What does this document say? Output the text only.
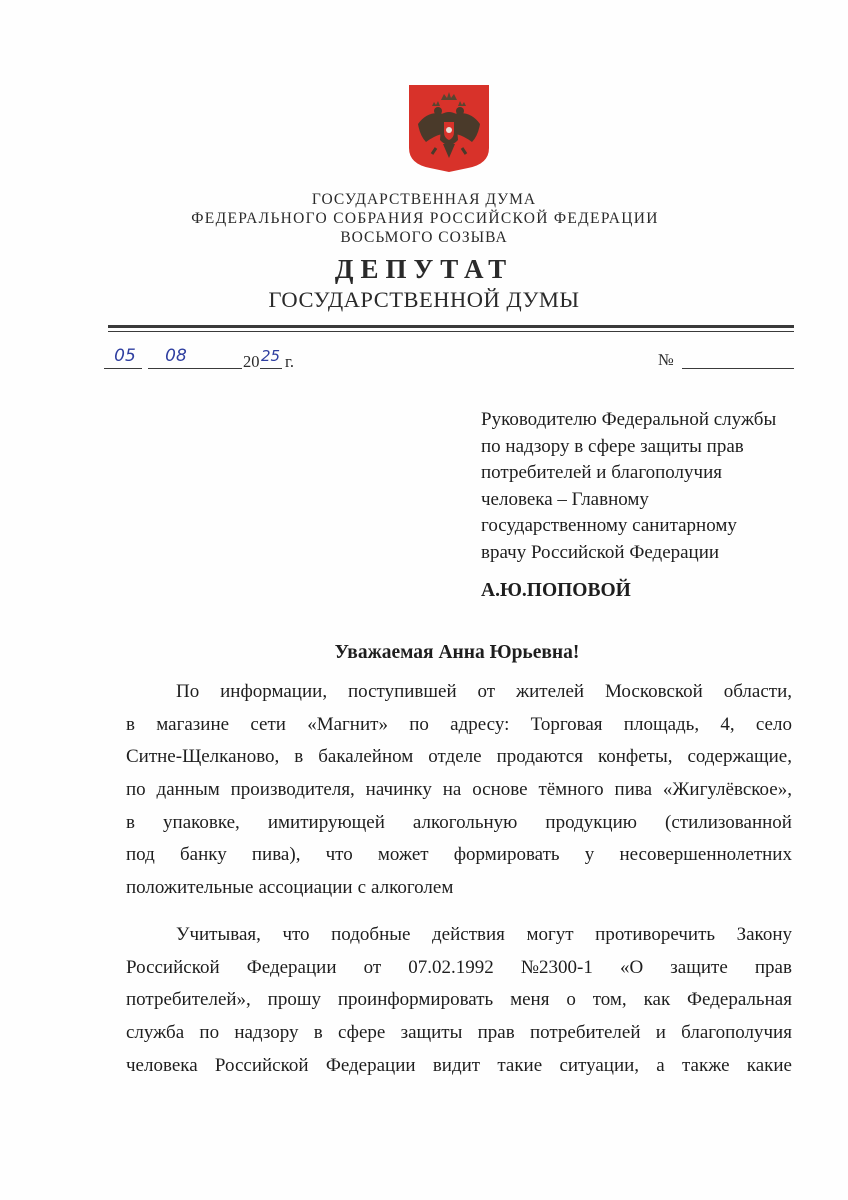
ГОСУДАРСТВЕННАЯ ДУМА
ФЕДЕРАЛЬНОГО СОБРАНИЯ РОССИЙСКОЙ ФЕДЕРАЦИИ
ВОСЬМОГО СОЗЫВА
ДЕПУТАТ
ГОСУДАРСТВЕННОЙ ДУМЫ
05	08	20 25 г.	№
Руководителю Федеральной службы
по надзору в сфере защиты прав
потребителей и благополучия
человека – Главному
государственному санитарному
врачу Российской Федерации
А.Ю.ПОПОВОЙ
Уважаемая Анна Юрьевна!
По информации, поступившей от жителей Московской области,
в магазине сети «Магнит» по адресу: Торговая площадь, 4, село
Ситне-Щелканово, в бакалейном отделе продаются конфеты, содержащие,
по данным производителя, начинку на основе тёмного пива «Жигулёвское»,
в упаковке, имитирующей алкогольную продукцию (стилизованной
под банку пива), что может формировать у несовершеннолетних
положительные ассоциации с алкоголем
Учитывая, что подобные действия могут противоречить Закону
Российской Федерации от 07.02.1992 №2300-1 «О защите прав
потребителей», прошу проинформировать меня о том, как Федеральная
служба по надзору в сфере защиты прав потребителей и благополучия
человека Российской Федерации видит такие ситуации, а также какие
